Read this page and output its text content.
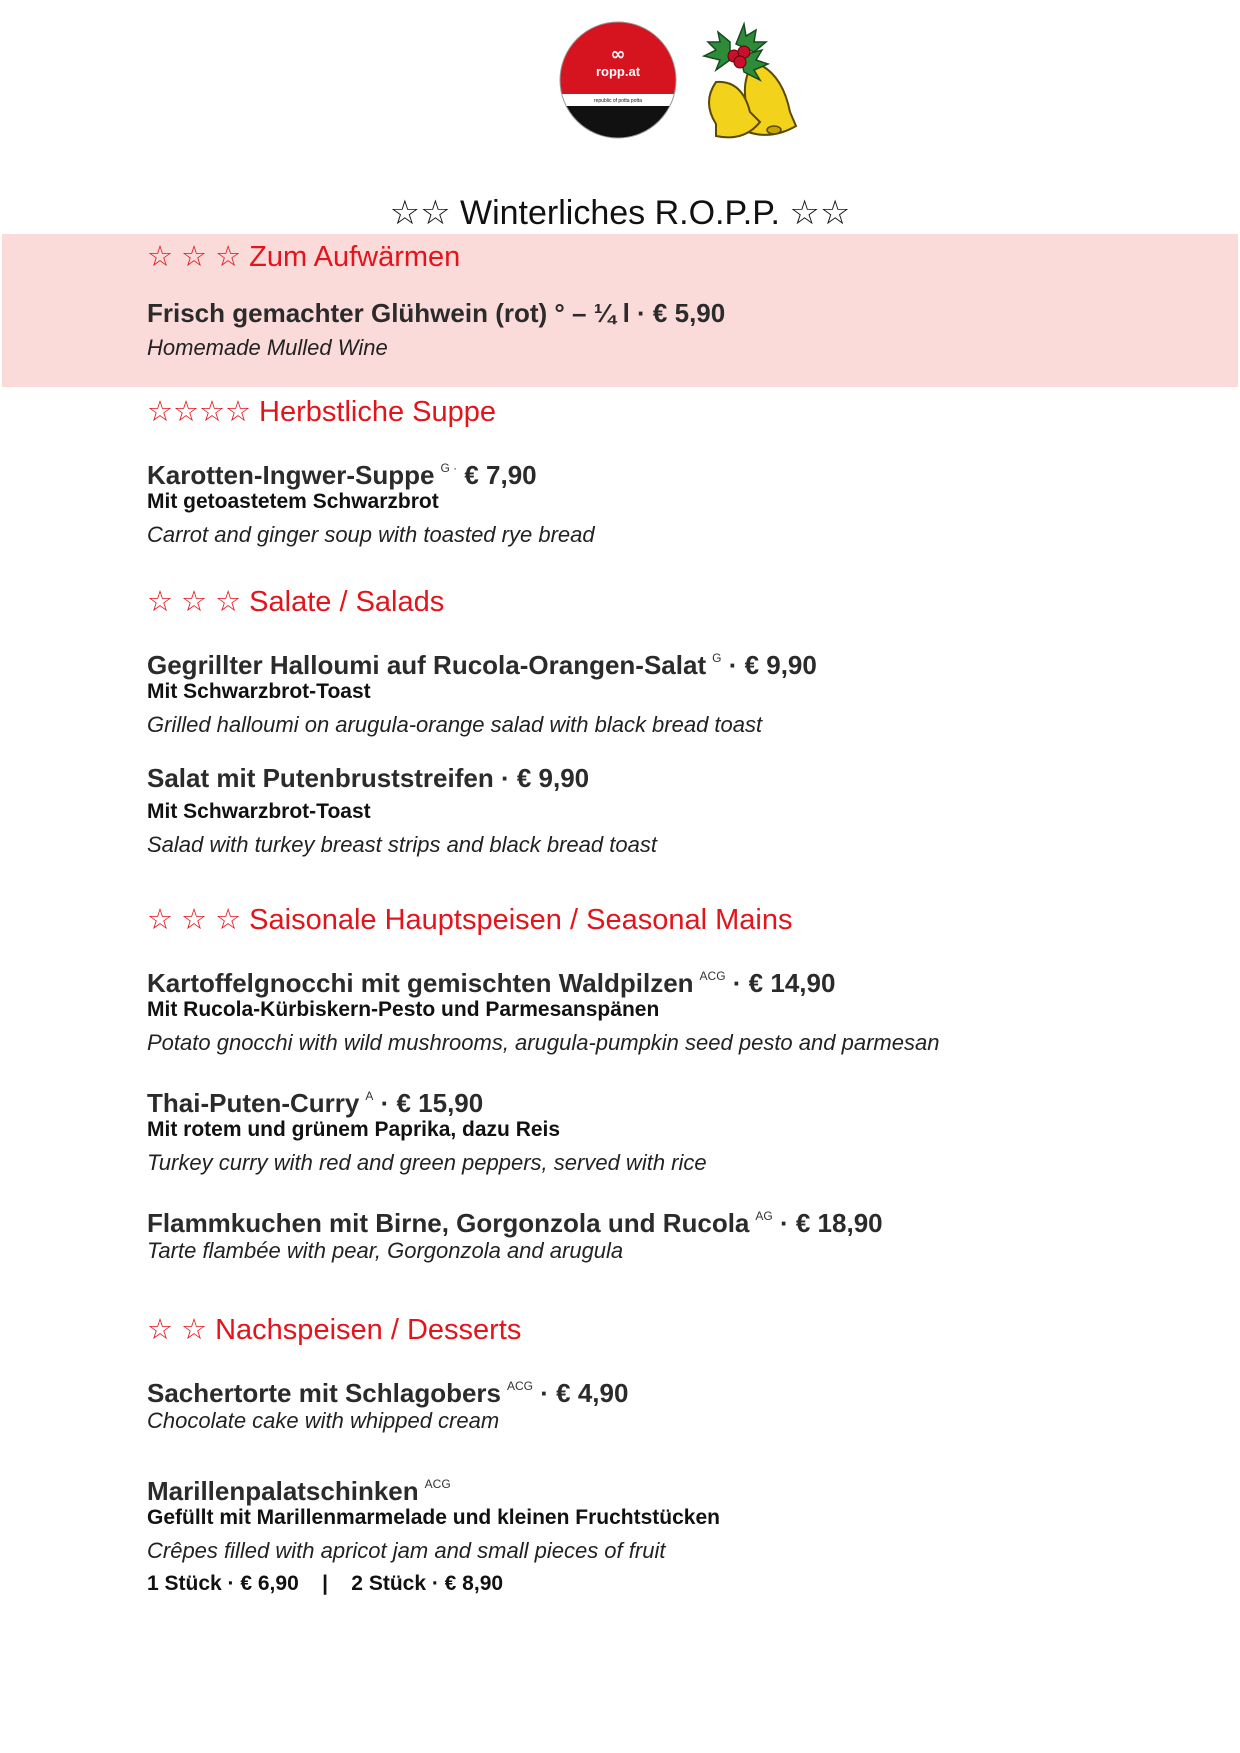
∞
ropp.at
republic of potta potta
☆☆ Winterliches R.O.P.P. ☆☆
☆ ☆ ☆ Zum Aufwärmen
Frisch gemachter Glühwein (rot) ° – ¼ l · € 5,90
Homemade Mulled Wine
☆☆☆☆ Herbstliche Suppe
Karotten-Ingwer-Suppe $^{G \cdot}$ € 7,90
Mit getoastetem Schwarzbrot
Carrot and ginger soup with toasted rye bread
☆ ☆ ☆ Salate / Salads
Gegrillter Halloumi auf Rucola-Orangen-Salat $^G$ · € 9,90
Mit Schwarzbrot-Toast
Grilled halloumi on arugula-orange salad with black bread toast
Salat mit Putenbruststreifen · € 9,90
Mit Schwarzbrot-Toast
Salad with turkey breast strips and black bread toast
☆ ☆ ☆ Saisonale Hauptspeisen / Seasonal Mains
Kartoffelgnocchi mit gemischten Waldpilzen $^{ACG}$ · € 14,90
Mit Rucola-Kürbiskern-Pesto und Parmesanspänen
Potato gnocchi with wild mushrooms, arugula-pumpkin seed pesto and parmesan
Thai-Puten-Curry $^A$ · € 15,90
Mit rotem und grünem Paprika, dazu Reis
Turkey curry with red and green peppers, served with rice
Flammkuchen mit Birne, Gorgonzola und Rucola $^{AG}$ · € 18,90
Tarte flambée with pear, Gorgonzola and arugula
☆ ☆ Nachspeisen / Desserts
Sachertorte mit Schlagobers $^{ACG}$ · € 4,90
Chocolate cake with whipped cream
Marillenpalatschinken $^{ACG}$
Gefüllt mit Marillenmarmelade und kleinen Fruchtstücken
Crêpes filled with apricot jam and small pieces of fruit
1 Stück · € 6,90    |    2 Stück · € 8,90
